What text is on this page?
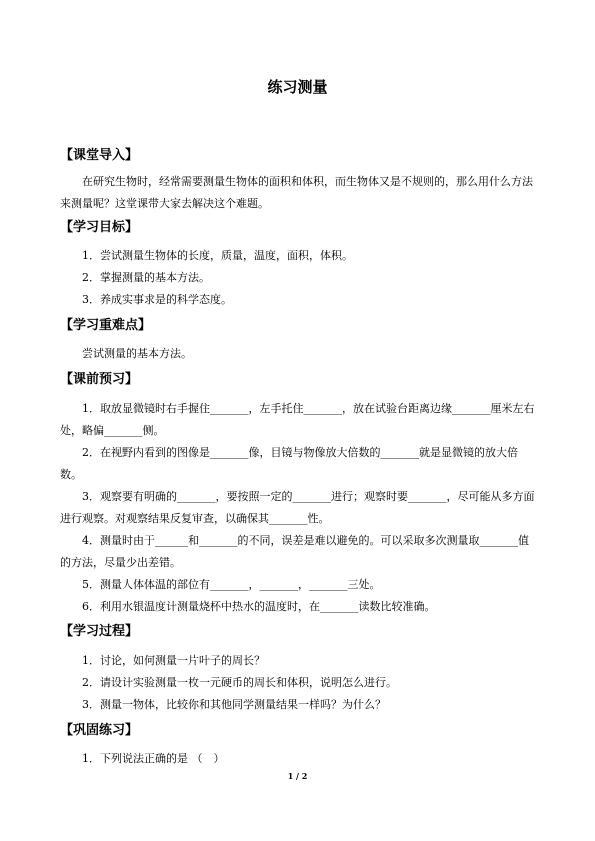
练习测量
【课堂导入】

在研究生物时，经常需要测量生物体的面积和体积，而生物体又是不规则的，那么用什么方法来测量呢？这堂课带大家去解决这个难题。

【学习目标】

1．尝试测量生物体的长度，质量，温度，面积，体积。

2．掌握测量的基本方法。

3．养成实事求是的科学态度。

【学习重难点】

尝试测量的基本方法。

【课前预习】

1．取放显微镜时右手握住_______，左手托住_______，放在试验台距离边缘_______厘米左右处，略偏_______侧。

2．在视野内看到的图像是_______像，目镜与物像放大倍数的_______就是显微镜的放大倍数。

3．观察要有明确的_______，要按照一定的_______进行；观察时要_______，尽可能从多方面进行观察。对观察结果反复审查，以确保其_______性。

4．测量时由于______和_______的不同，误差是难以避免的。可以采取多次测量取_______值的方法，尽量少出差错。

5．测量人体体温的部位有_______，_______，_______三处。

6．利用水银温度计测量烧杯中热水的温度时，在_______读数比较准确。

【学习过程】

1．讨论，如何测量一片叶子的周长？

2．请设计实验测量一枚一元硬币的周长和体积，说明怎么进行。

3．测量一物体，比较你和其他同学测量结果一样吗？为什么？

【巩固练习】

1．下列说法正确的是 （　）

1 / 2
